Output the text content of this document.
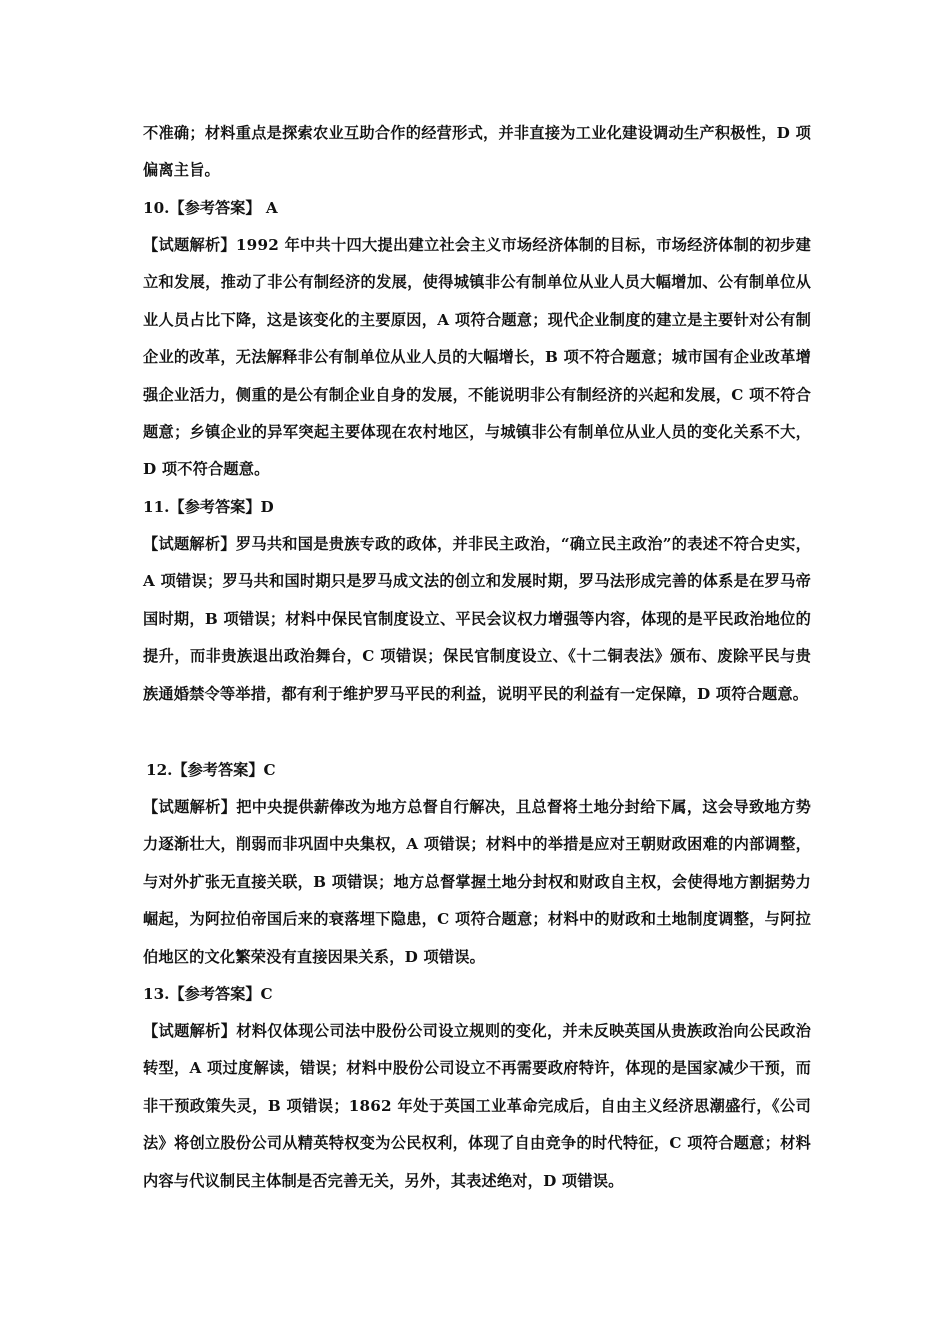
不准确；材料重点是探索农业互助合作的经营形式，并非直接为工业化建设调动生产积极性，D 项偏离主旨。
10.【参考答案】 A
【试题解析】1992 年中共十四大提出建立社会主义市场经济体制的目标，市场经济体制的初步建立和发展，推动了非公有制经济的发展，使得城镇非公有制单位从业人员大幅增加、公有制单位从业人员占比下降，这是该变化的主要原因，A 项符合题意；现代企业制度的建立是主要针对公有制企业的改革，无法解释非公有制单位从业人员的大幅增长，B 项不符合题意；城市国有企业改革增强企业活力，侧重的是公有制企业自身的发展，不能说明非公有制经济的兴起和发展，C 项不符合题意；乡镇企业的异军突起主要体现在农村地区，与城镇非公有制单位从业人员的变化关系不大，D 项不符合题意。
11.【参考答案】D
【试题解析】罗马共和国是贵族专政的政体，并非民主政治，“确立民主政治”的表述不符合史实，A 项错误；罗马共和国时期只是罗马成文法的创立和发展时期，罗马法形成完善的体系是在罗马帝国时期，B 项错误；材料中保民官制度设立、平民会议权力增强等内容，体现的是平民政治地位的提升，而非贵族退出政治舞台，C 项错误；保民官制度设立、《十二铜表法》颁布、废除平民与贵族通婚禁令等举措，都有利于维护罗马平民的利益，说明平民的利益有一定保障，D 项符合题意。
12.【参考答案】C
【试题解析】把中央提供薪俸改为地方总督自行解决，且总督将土地分封给下属，这会导致地方势力逐渐壮大，削弱而非巩固中央集权，A 项错误；材料中的举措是应对王朝财政困难的内部调整，与对外扩张无直接关联，B 项错误；地方总督掌握土地分封权和财政自主权，会使得地方割据势力崛起，为阿拉伯帝国后来的衰落埋下隐患，C 项符合题意；材料中的财政和土地制度调整，与阿拉伯地区的文化繁荣没有直接因果关系，D 项错误。
13.【参考答案】C
【试题解析】材料仅体现公司法中股份公司设立规则的变化，并未反映英国从贵族政治向公民政治转型，A 项过度解读，错误；材料中股份公司设立不再需要政府特许，体现的是国家减少干预，而非干预政策失灵，B 项错误；1862 年处于英国工业革命完成后，自由主义经济思潮盛行，《公司法》将创立股份公司从精英特权变为公民权利，体现了自由竞争的时代特征，C 项符合题意；材料内容与代议制民主体制是否完善无关，另外，其表述绝对，D 项错误。
